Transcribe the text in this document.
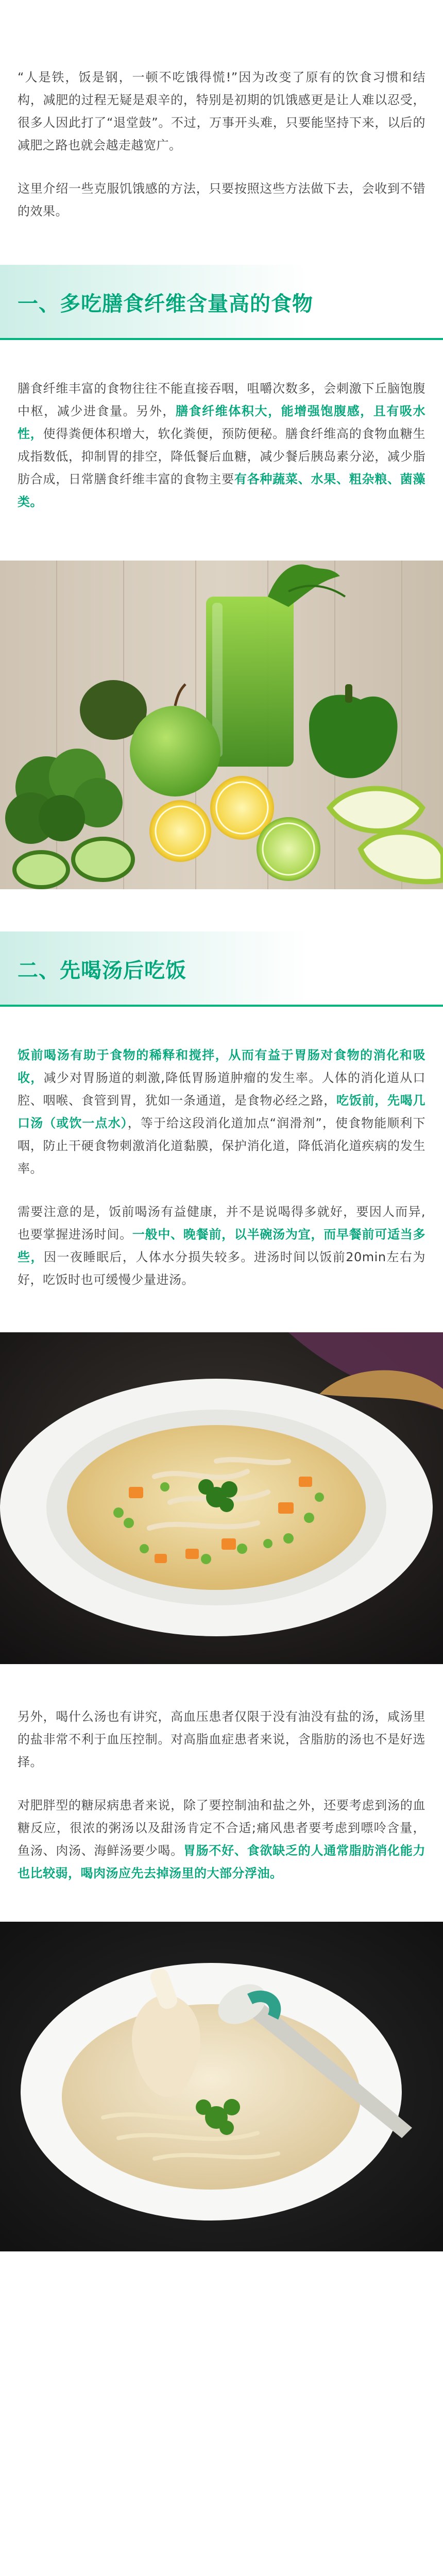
“人是铁，饭是钢，一顿不吃饿得慌!”因为改变了原有的饮食习惯和结构，减肥的过程无疑是艰辛的，特别是初期的饥饿感更是让人难以忍受，很多人因此打了“退堂鼓”。不过，万事开头难，只要能坚持下来，以后的减肥之路也就会越走越宽广。

这里介绍一些克服饥饿感的方法，只要按照这些方法做下去，会收到不错的效果。

一、多吃膳食纤维含量高的食物

膳食纤维丰富的食物往往不能直接吞咽，咀嚼次数多，会刺激下丘脑饱腹中枢，减少进食量。另外，膳食纤维体积大，能增强饱腹感，且有吸水性，使得粪便体积增大，软化粪便，预防便秘。膳食纤维高的食物血糖生成指数低，抑制胃的排空，降低餐后血糖，减少餐后胰岛素分泌，减少脂肪合成，日常膳食纤维丰富的食物主要有各种蔬菜、水果、粗杂粮、菌藻类。

二、先喝汤后吃饭

饭前喝汤有助于食物的稀释和搅拌，从而有益于胃肠对食物的消化和吸收，减少对胃肠道的刺激,降低胃肠道肿瘤的发生率。人体的消化道从口腔、咽喉、食管到胃，犹如一条通道，是食物必经之路，吃饭前，先喝几口汤（或饮一点水），等于给这段消化道加点“润滑剂”，使食物能顺利下咽，防止干硬食物刺激消化道黏膜，保护消化道，降低消化道疾病的发生率。

需要注意的是，饭前喝汤有益健康，并不是说喝得多就好，要因人而异,也要掌握进汤时间。一般中、晚餐前，以半碗汤为宜，而早餐前可适当多些，因一夜睡眠后，人体水分损失较多。进汤时间以饭前20min左右为好，吃饭时也可缓慢少量进汤。

另外，喝什么汤也有讲究，高血压患者仅限于没有油没有盐的汤，咸汤里的盐非常不利于血压控制。对高脂血症患者来说，含脂肪的汤也不是好选择。

对肥胖型的糖尿病患者来说，除了要控制油和盐之外，还要考虑到汤的血糖反应，很浓的粥汤以及甜汤肯定不合适;痛风患者要考虑到嘌呤含量，鱼汤、肉汤、海鲜汤要少喝。胃肠不好、食欲缺乏的人通常脂肪消化能力也比较弱，喝肉汤应先去掉汤里的大部分浮油。
